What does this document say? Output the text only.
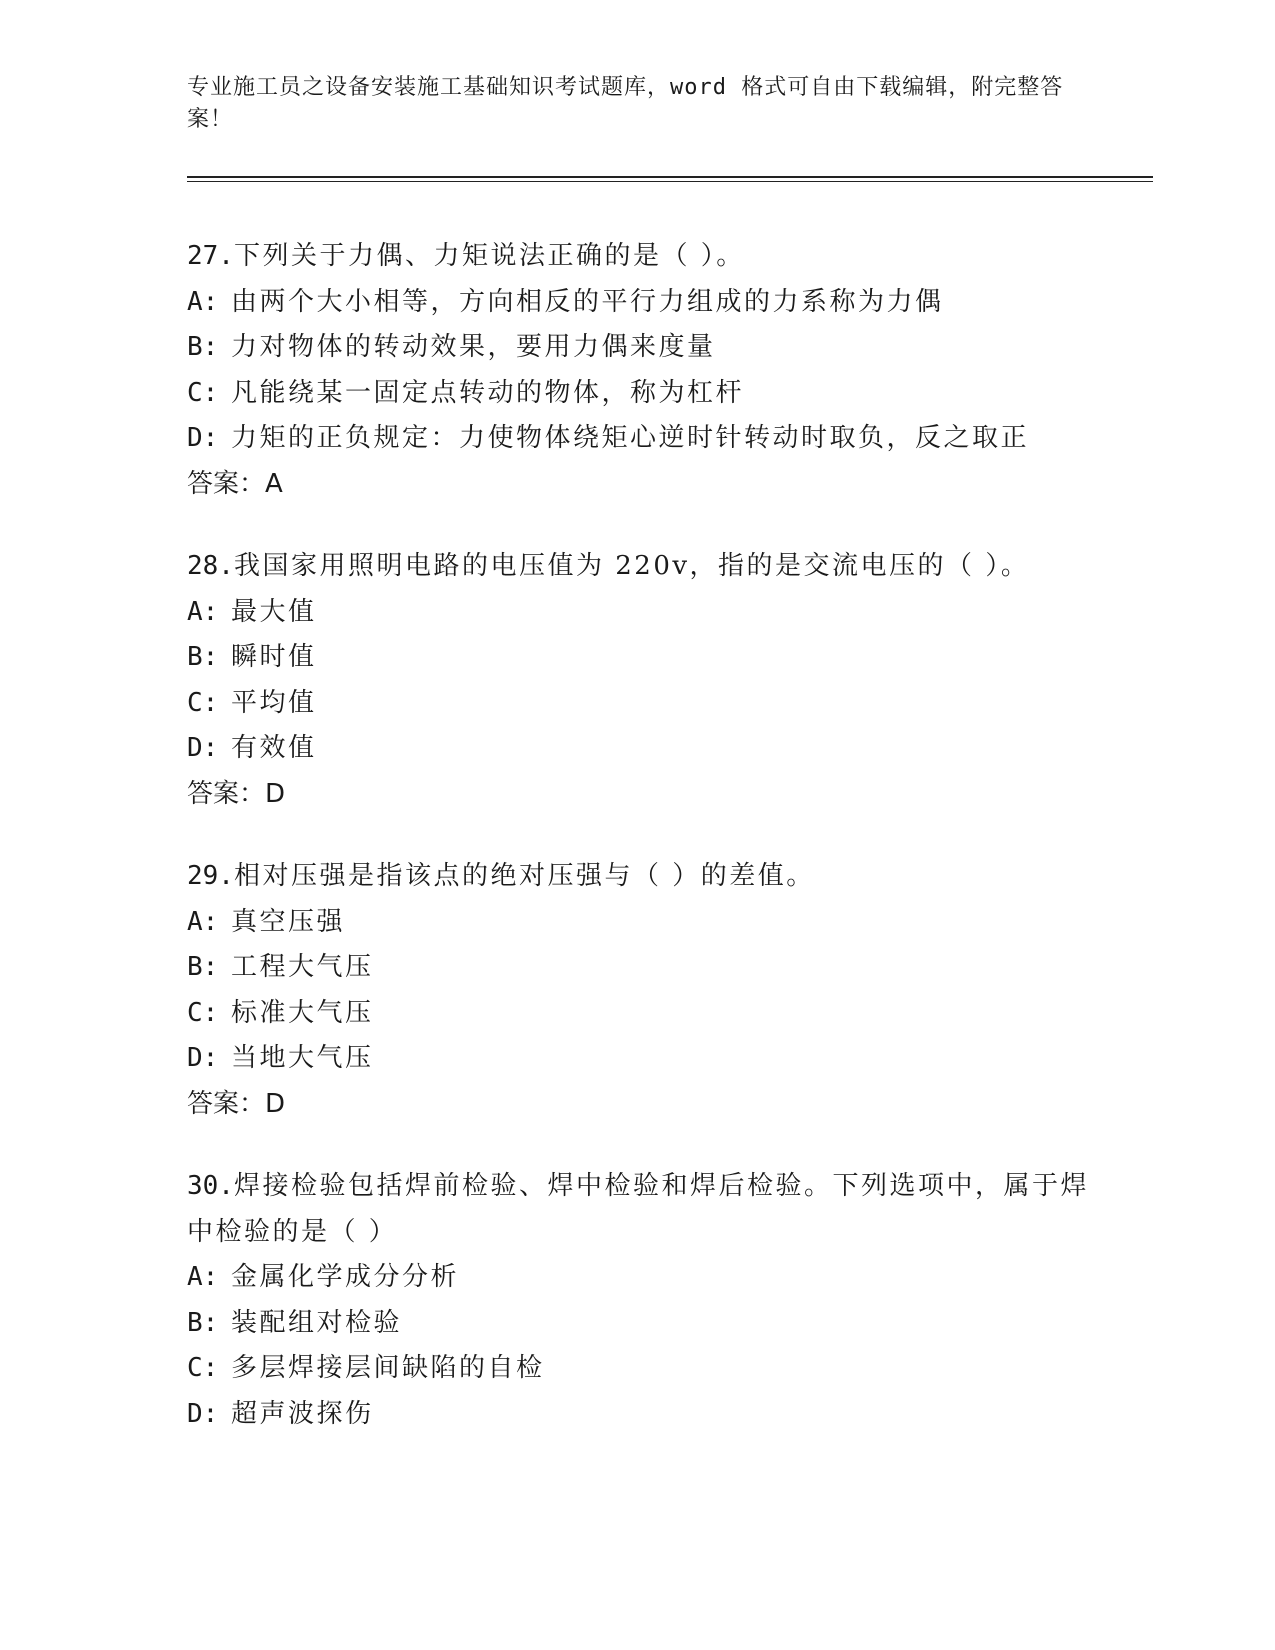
专业施工员之设备安装施工基础知识考试题库，word 格式可自由下载编辑，附完整答案！
27.下列关于力偶、力矩说法正确的是（ ）。
A: 由两个大小相等，方向相反的平行力组成的力系称为力偶
B: 力对物体的转动效果，要用力偶来度量
C: 凡能绕某一固定点转动的物体，称为杠杆
D: 力矩的正负规定：力使物体绕矩心逆时针转动时取负，反之取正
答案：A
28.我国家用照明电路的电压值为 220v，指的是交流电压的（ ）。
A: 最大值
B: 瞬时值
C: 平均值
D: 有效值
答案：D
29.相对压强是指该点的绝对压强与（ ）的差值。
A: 真空压强
B: 工程大气压
C: 标准大气压
D: 当地大气压
答案：D
30.焊接检验包括焊前检验、焊中检验和焊后检验。下列选项中，属于焊中检验的是（ ）
A: 金属化学成分分析
B: 装配组对检验
C: 多层焊接层间缺陷的自检
D: 超声波探伤
